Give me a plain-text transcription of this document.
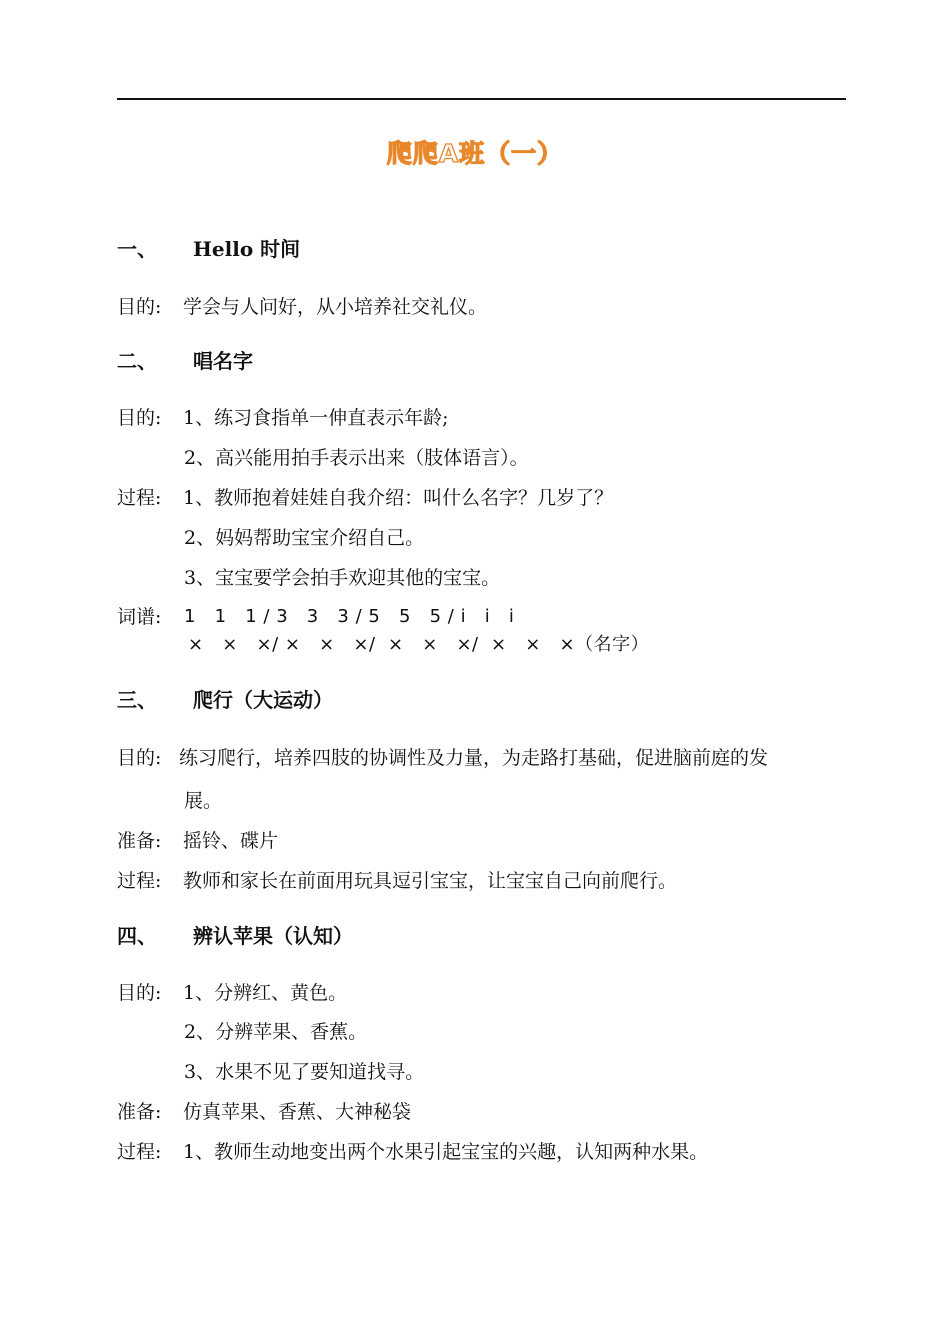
爬爬A班（一）
一、 Hello 时间
目的: 学会与人问好，从小培养社交礼仪。
二、 唱名字
目的: 1、练习食指单一伸直表示年龄;
2、高兴能用拍手表示出来（肢体语言）。
过程: 1、教师抱着娃娃自我介绍：叫什么名字？几岁了？
2、妈妈帮助宝宝介绍自己。
3、宝宝要学会拍手欢迎其他的宝宝。
词谱:	1   1   1 / 3   3   3 / 5   5   5 / i   i   i
×   ×   ×/ ×   ×   ×/  ×   ×   ×/  ×   ×   ×（名字）
三、 爬行（大运动）
目的: 练习爬行，培养四肢的协调性及力量，为走路打基础，促进脑前庭的发
展。
准备: 摇铃、碟片
过程: 教师和家长在前面用玩具逗引宝宝，让宝宝自己向前爬行。
四、 辨认苹果（认知）
目的: 1、分辨红、黄色。
2、分辨苹果、香蕉。
3、水果不见了要知道找寻。
准备: 仿真苹果、香蕉、大神秘袋
过程: 1、教师生动地变出两个水果引起宝宝的兴趣，认知两种水果。
